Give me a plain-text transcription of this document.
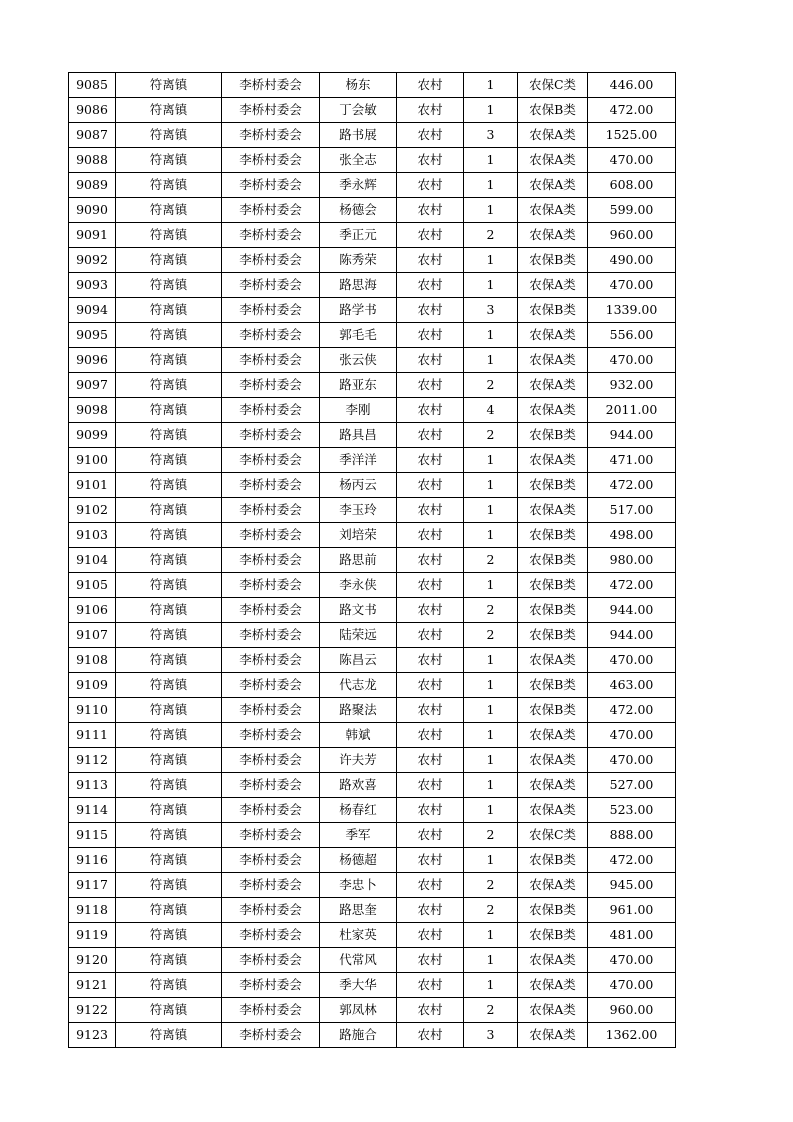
9085	符离镇	李桥村委会	杨东	农村	1	农保C类	446.00
9086	符离镇	李桥村委会	丁会敏	农村	1	农保B类	472.00
9087	符离镇	李桥村委会	路书展	农村	3	农保A类	1525.00
9088	符离镇	李桥村委会	张全志	农村	1	农保A类	470.00
9089	符离镇	李桥村委会	季永辉	农村	1	农保A类	608.00
9090	符离镇	李桥村委会	杨德会	农村	1	农保A类	599.00
9091	符离镇	李桥村委会	季正元	农村	2	农保A类	960.00
9092	符离镇	李桥村委会	陈秀荣	农村	1	农保B类	490.00
9093	符离镇	李桥村委会	路思海	农村	1	农保A类	470.00
9094	符离镇	李桥村委会	路学书	农村	3	农保B类	1339.00
9095	符离镇	李桥村委会	郭毛毛	农村	1	农保A类	556.00
9096	符离镇	李桥村委会	张云侠	农村	1	农保A类	470.00
9097	符离镇	李桥村委会	路亚东	农村	2	农保A类	932.00
9098	符离镇	李桥村委会	李刚	农村	4	农保A类	2011.00
9099	符离镇	李桥村委会	路具昌	农村	2	农保B类	944.00
9100	符离镇	李桥村委会	季洋洋	农村	1	农保A类	471.00
9101	符离镇	李桥村委会	杨丙云	农村	1	农保B类	472.00
9102	符离镇	李桥村委会	李玉玲	农村	1	农保A类	517.00
9103	符离镇	李桥村委会	刘培荣	农村	1	农保B类	498.00
9104	符离镇	李桥村委会	路思前	农村	2	农保B类	980.00
9105	符离镇	李桥村委会	李永侠	农村	1	农保B类	472.00
9106	符离镇	李桥村委会	路文书	农村	2	农保B类	944.00
9107	符离镇	李桥村委会	陆荣远	农村	2	农保B类	944.00
9108	符离镇	李桥村委会	陈昌云	农村	1	农保A类	470.00
9109	符离镇	李桥村委会	代志龙	农村	1	农保B类	463.00
9110	符离镇	李桥村委会	路聚法	农村	1	农保B类	472.00
9111	符离镇	李桥村委会	韩斌	农村	1	农保A类	470.00
9112	符离镇	李桥村委会	许夫芳	农村	1	农保A类	470.00
9113	符离镇	李桥村委会	路欢喜	农村	1	农保A类	527.00
9114	符离镇	李桥村委会	杨春红	农村	1	农保A类	523.00
9115	符离镇	李桥村委会	季军	农村	2	农保C类	888.00
9116	符离镇	李桥村委会	杨德超	农村	1	农保B类	472.00
9117	符离镇	李桥村委会	李忠卜	农村	2	农保A类	945.00
9118	符离镇	李桥村委会	路思奎	农村	2	农保B类	961.00
9119	符离镇	李桥村委会	杜家英	农村	1	农保B类	481.00
9120	符离镇	李桥村委会	代常风	农村	1	农保A类	470.00
9121	符离镇	李桥村委会	季大华	农村	1	农保A类	470.00
9122	符离镇	李桥村委会	郭凤林	农村	2	农保A类	960.00
9123	符离镇	李桥村委会	路施合	农村	3	农保A类	1362.00
